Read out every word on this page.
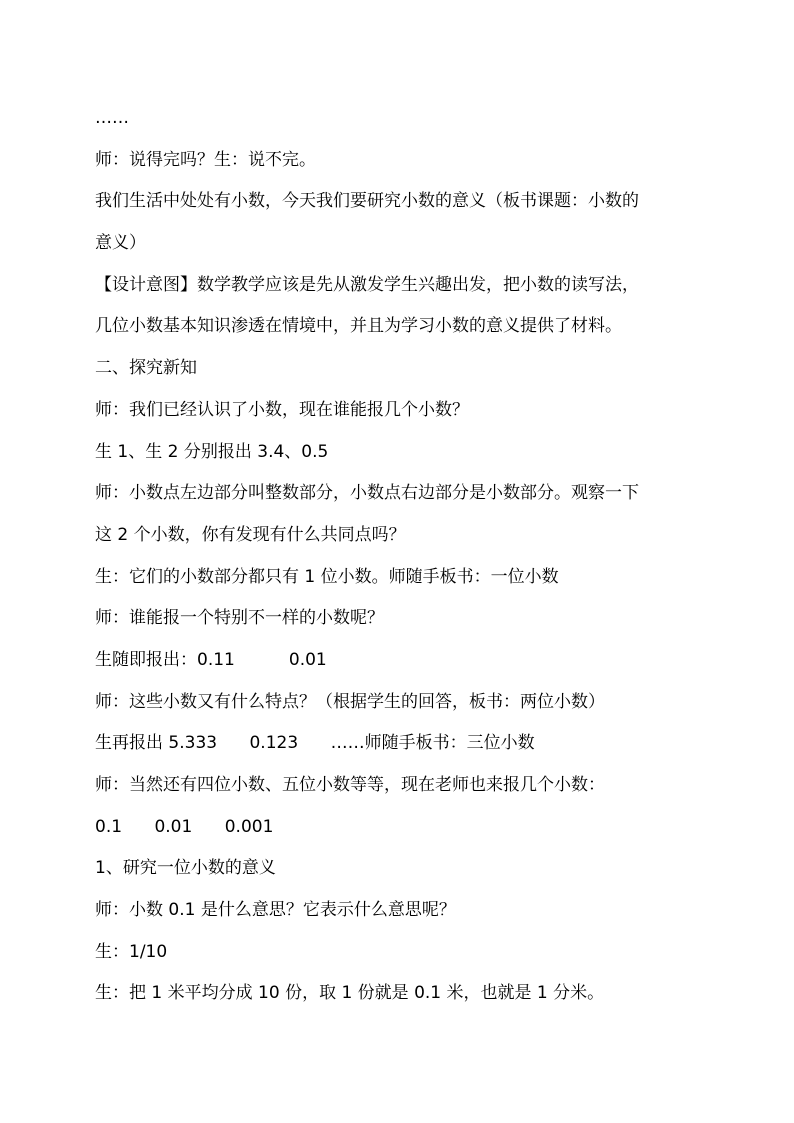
……
师：说得完吗？生：说不完。
我们生活中处处有小数，今天我们要研究小数的意义（板书课题：小数的
意义）
【设计意图】数学教学应该是先从激发学生兴趣出发，把小数的读写法，
几位小数基本知识渗透在情境中，并且为学习小数的意义提供了材料。
二、探究新知
师：我们已经认识了小数，现在谁能报几个小数？
生 1、生 2 分别报出 3.4、0.5
师：小数点左边部分叫整数部分，小数点右边部分是小数部分。观察一下
这 2 个小数，你有发现有什么共同点吗？
生：它们的小数部分都只有 1 位小数。师随手板书：一位小数
师：谁能报一个特别不一样的小数呢？
生随即报出：0.11          0.01
师：这些小数又有什么特点？（根据学生的回答，板书：两位小数）
生再报出 5.333      0.123      ……师随手板书：三位小数
师：当然还有四位小数、五位小数等等，现在老师也来报几个小数：
0.1      0.01      0.001
1、研究一位小数的意义
师：小数 0.1 是什么意思？它表示什么意思呢？
生：1/10
生：把 1 米平均分成 10 份，取 1 份就是 0.1 米，也就是 1 分米。
